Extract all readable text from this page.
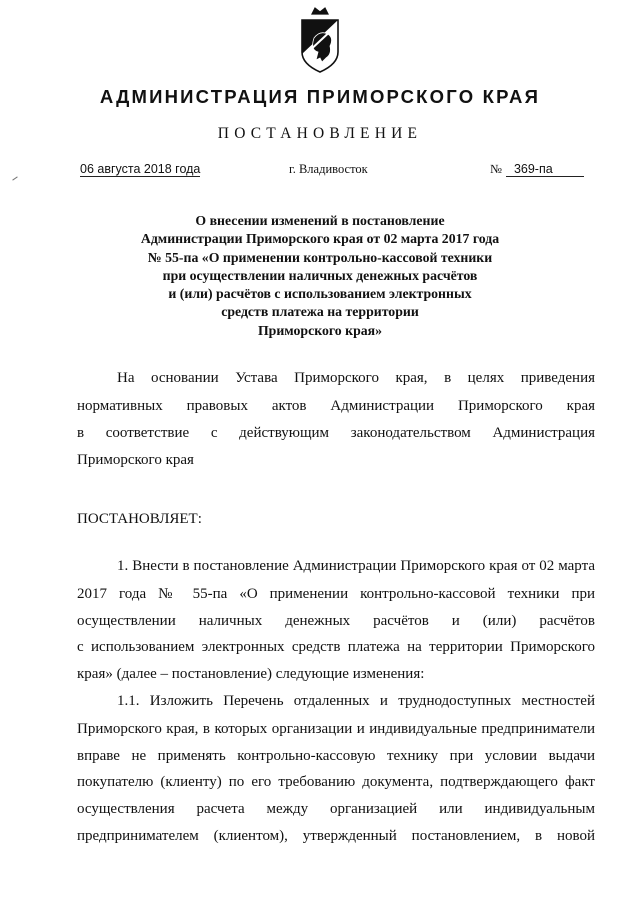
АДМИНИСТРАЦИЯ ПРИМОРСКОГО КРАЯ
ПОСТАНОВЛЕНИЕ
06 августа 2018 года	г. Владивосток	№ 369-па
О внесении изменений в постановление
Администрации Приморского края от 02 марта 2017 года
№ 55-па «О применении контрольно-кассовой техники
при осуществлении наличных денежных расчётов
и (или) расчётов с использованием электронных
средств платежа на территории
Приморского края»
На основании Устава Приморского края, в целях приведения
нормативных правовых актов Администрации Приморского края
в соответствие с действующим законодательством Администрация
Приморского края
ПОСТАНОВЛЯЕТ:
1. Внести в постановление Администрации Приморского края от 02 марта
2017 года № 55-па «О применении контрольно-кассовой техники при
осуществлении наличных денежных расчётов и (или) расчётов
с использованием электронных средств платежа на территории Приморского
края» (далее – постановление) следующие изменения:
1.1. Изложить Перечень отдаленных и труднодоступных местностей
Приморского края, в которых организации и индивидуальные предприниматели
вправе не применять контрольно-кассовую технику при условии выдачи
покупателю (клиенту) по его требованию документа, подтверждающего факт
осуществления расчета между организацией или индивидуальным
предпринимателем (клиентом), утвержденный постановлением, в новой
